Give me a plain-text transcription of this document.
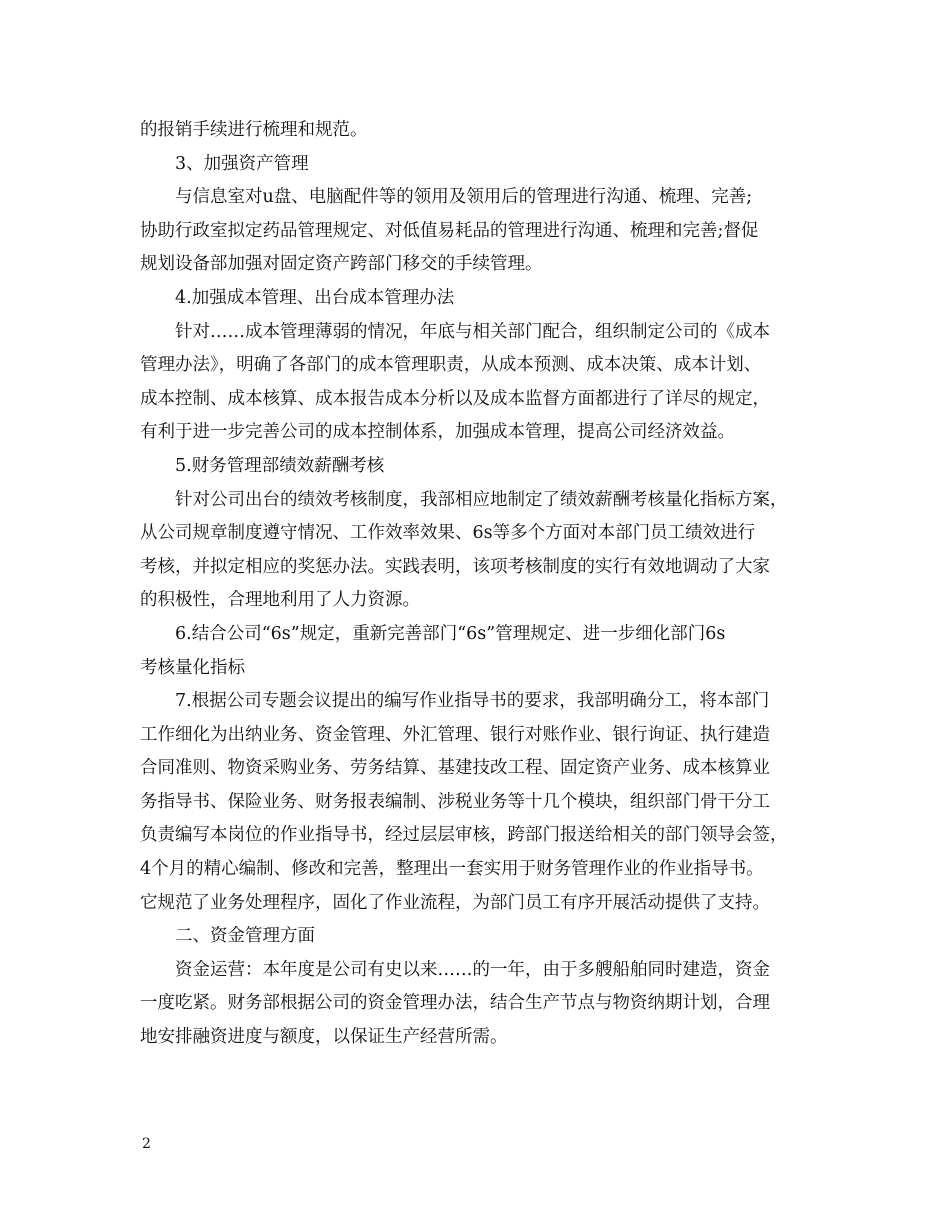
的报销手续进行梳理和规范。
3、加强资产管理
与信息室对u盘、电脑配件等的领用及领用后的管理进行沟通、梳理、完善;
协助行政室拟定药品管理规定、对低值易耗品的管理进行沟通、梳理和完善;督促
规划设备部加强对固定资产跨部门移交的手续管理。
4.加强成本管理、出台成本管理办法
针对……成本管理薄弱的情况，年底与相关部门配合，组织制定公司的《成本
管理办法》，明确了各部门的成本管理职责，从成本预测、成本决策、成本计划、
成本控制、成本核算、成本报告成本分析以及成本监督方面都进行了详尽的规定，
有利于进一步完善公司的成本控制体系，加强成本管理，提高公司经济效益。
5.财务管理部绩效薪酬考核
针对公司出台的绩效考核制度，我部相应地制定了绩效薪酬考核量化指标方案，
从公司规章制度遵守情况、工作效率效果、6s等多个方面对本部门员工绩效进行
考核，并拟定相应的奖惩办法。实践表明，该项考核制度的实行有效地调动了大家
的积极性，合理地利用了人力资源。
6.结合公司“6s”规定，重新完善部门“6s”管理规定、进一步细化部门6s
考核量化指标
7.根据公司专题会议提出的编写作业指导书的要求，我部明确分工，将本部门
工作细化为出纳业务、资金管理、外汇管理、银行对账作业、银行询证、执行建造
合同准则、物资采购业务、劳务结算、基建技改工程、固定资产业务、成本核算业
务指导书、保险业务、财务报表编制、涉税业务等十几个模块，组织部门骨干分工
负责编写本岗位的作业指导书，经过层层审核，跨部门报送给相关的部门领导会签，
4个月的精心编制、修改和完善，整理出一套实用于财务管理作业的作业指导书。
它规范了业务处理程序，固化了作业流程，为部门员工有序开展活动提供了支持。
二、资金管理方面
资金运营：本年度是公司有史以来……的一年，由于多艘船舶同时建造，资金
一度吃紧。财务部根据公司的资金管理办法，结合生产节点与物资纳期计划，合理
地安排融资进度与额度，以保证生产经营所需。
2
